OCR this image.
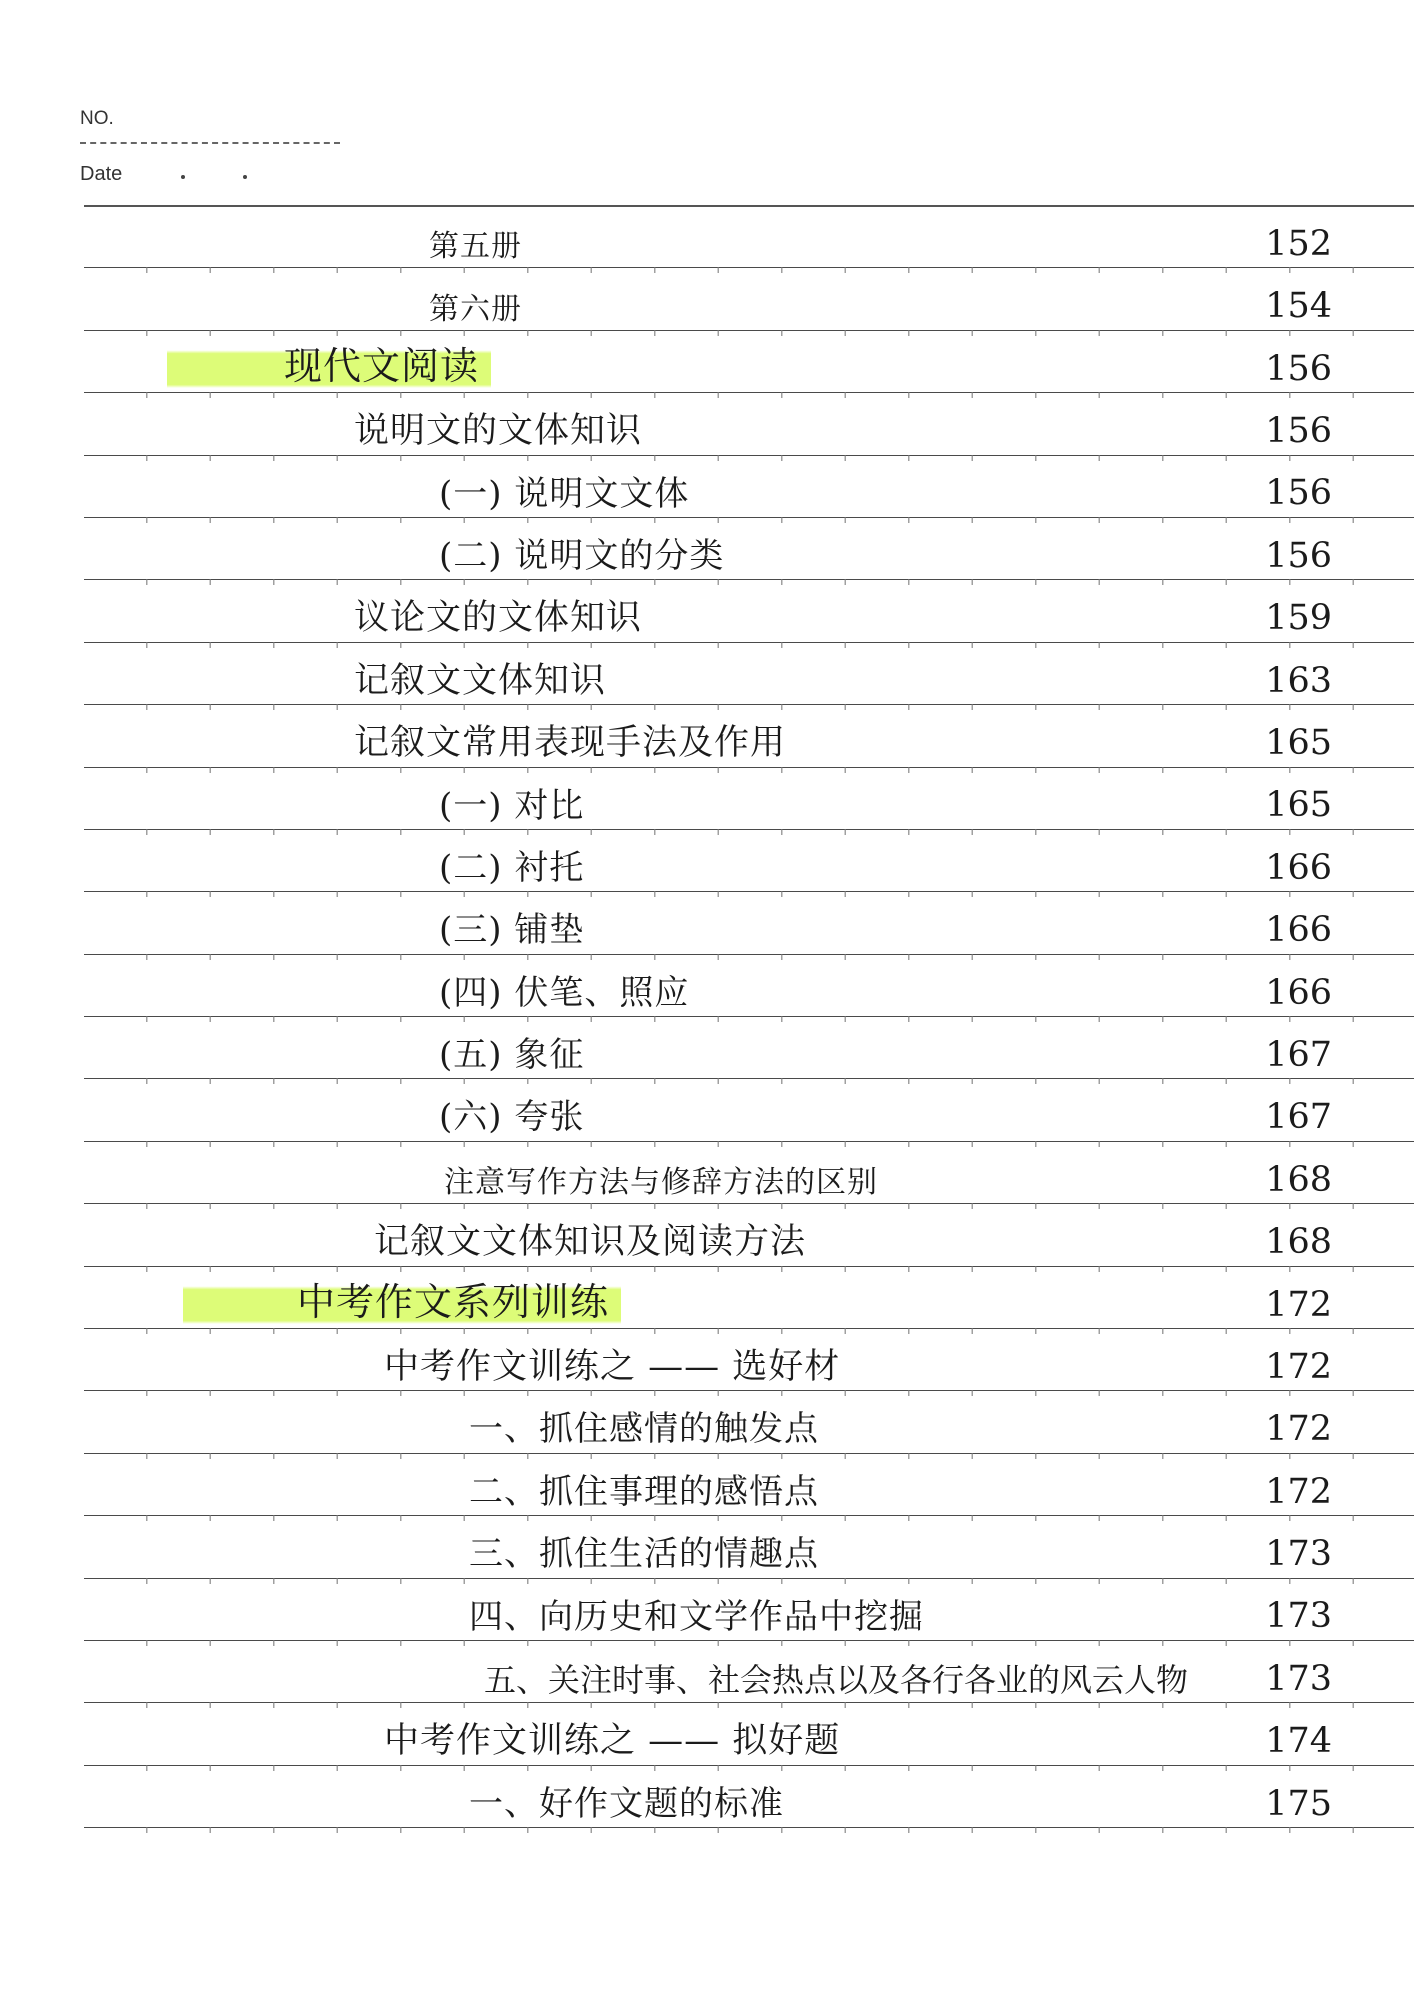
NO.
Date
第五册	152
第六册	154
现代文阅读	156
说明文的文体知识	156
(一) 说明文文体	156
(二) 说明文的分类	156
议论文的文体知识	159
记叙文文体知识	163
记叙文常用表现手法及作用	165
(一) 对比	165
(二) 衬托	166
(三) 铺垫	166
(四) 伏笔、照应	166
(五) 象征	167
(六) 夸张	167
注意写作方法与修辞方法的区别	168
记叙文文体知识及阅读方法	168
中考作文系列训练	172
中考作文训练之 —— 选好材	172
一、抓住感情的触发点	172
二、抓住事理的感悟点	172
三、抓住生活的情趣点	173
四、向历史和文学作品中挖掘	173
五、关注时事、社会热点以及各行各业的风云人物 173
中考作文训练之 —— 拟好题	174
一、好作文题的标准	175
